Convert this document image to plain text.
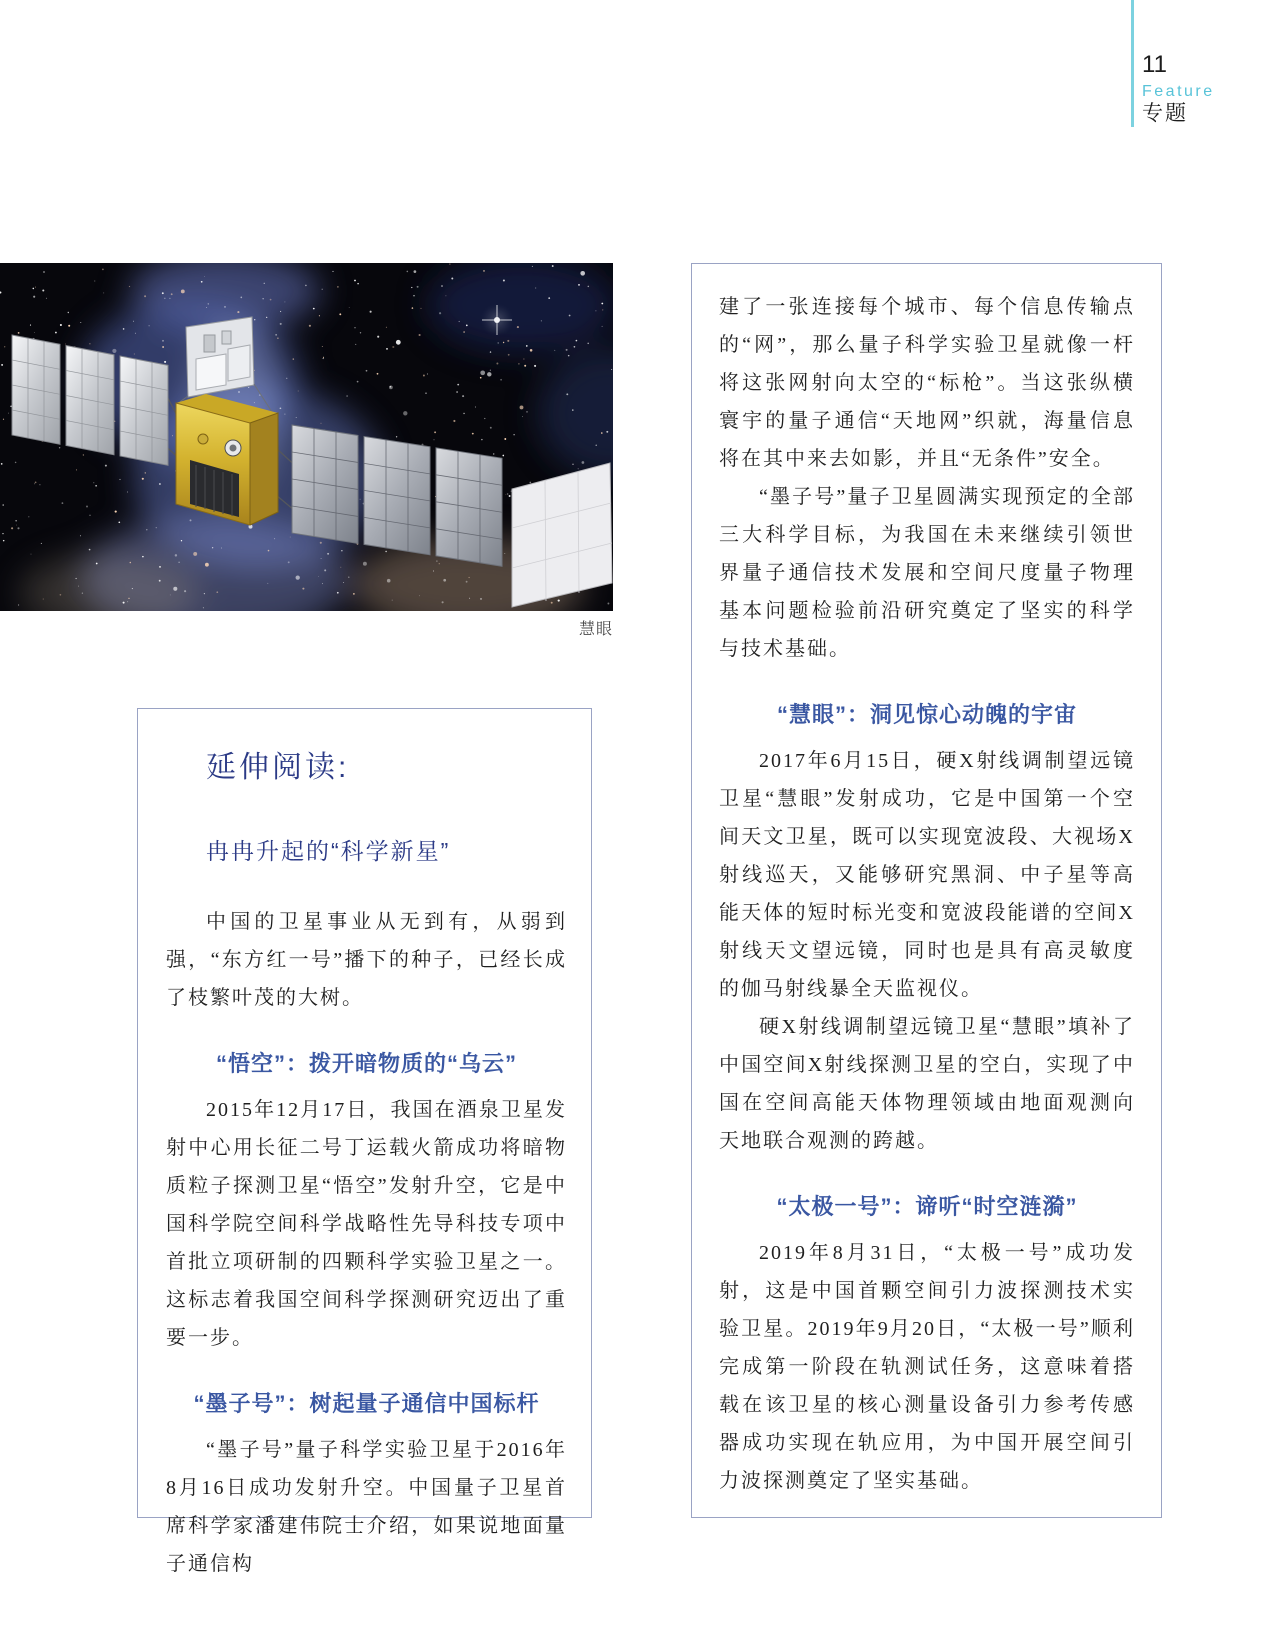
11
Feature
专题
慧眼
延伸阅读:
冉冉升起的“科学新星”

中国的卫星事业从无到有，从弱到强，“东方红一号”播下的种子，已经长成了枝繁叶茂的大树。

“悟空”：拨开暗物质的“乌云”

2015年12月17日，我国在酒泉卫星发射中心用长征二号丁运载火箭成功将暗物质粒子探测卫星“悟空”发射升空，它是中国科学院空间科学战略性先导科技专项中首批立项研制的四颗科学实验卫星之一。这标志着我国空间科学探测研究迈出了重要一步。

“墨子号”：树起量子通信中国标杆

“墨子号”量子科学实验卫星于2016年8月16日成功发射升空。中国量子卫星首席科学家潘建伟院士介绍，如果说地面量子通信构

建了一张连接每个城市、每个信息传输点的“网”，那么量子科学实验卫星就像一杆将这张网射向太空的“标枪”。当这张纵横寰宇的量子通信“天地网”织就，海量信息将在其中来去如影，并且“无条件”安全。

“墨子号”量子卫星圆满实现预定的全部三大科学目标，为我国在未来继续引领世界量子通信技术发展和空间尺度量子物理基本问题检验前沿研究奠定了坚实的科学与技术基础。

“慧眼”：洞见惊心动魄的宇宙

2017年6月15日，硬X射线调制望远镜卫星“慧眼”发射成功，它是中国第一个空间天文卫星，既可以实现宽波段、大视场X射线巡天，又能够研究黑洞、中子星等高能天体的短时标光变和宽波段能谱的空间X射线天文望远镜，同时也是具有高灵敏度的伽马射线暴全天监视仪。

硬X射线调制望远镜卫星“慧眼”填补了中国空间X射线探测卫星的空白，实现了中国在空间高能天体物理领域由地面观测向天地联合观测的跨越。

“太极一号”：谛听“时空涟漪”

2019年8月31日，“太极一号”成功发射，这是中国首颗空间引力波探测技术实验卫星。2019年9月20日，“太极一号”顺利完成第一阶段在轨测试任务，这意味着搭载在该卫星的核心测量设备引力参考传感器成功实现在轨应用，为中国开展空间引力波探测奠定了坚实基础。
